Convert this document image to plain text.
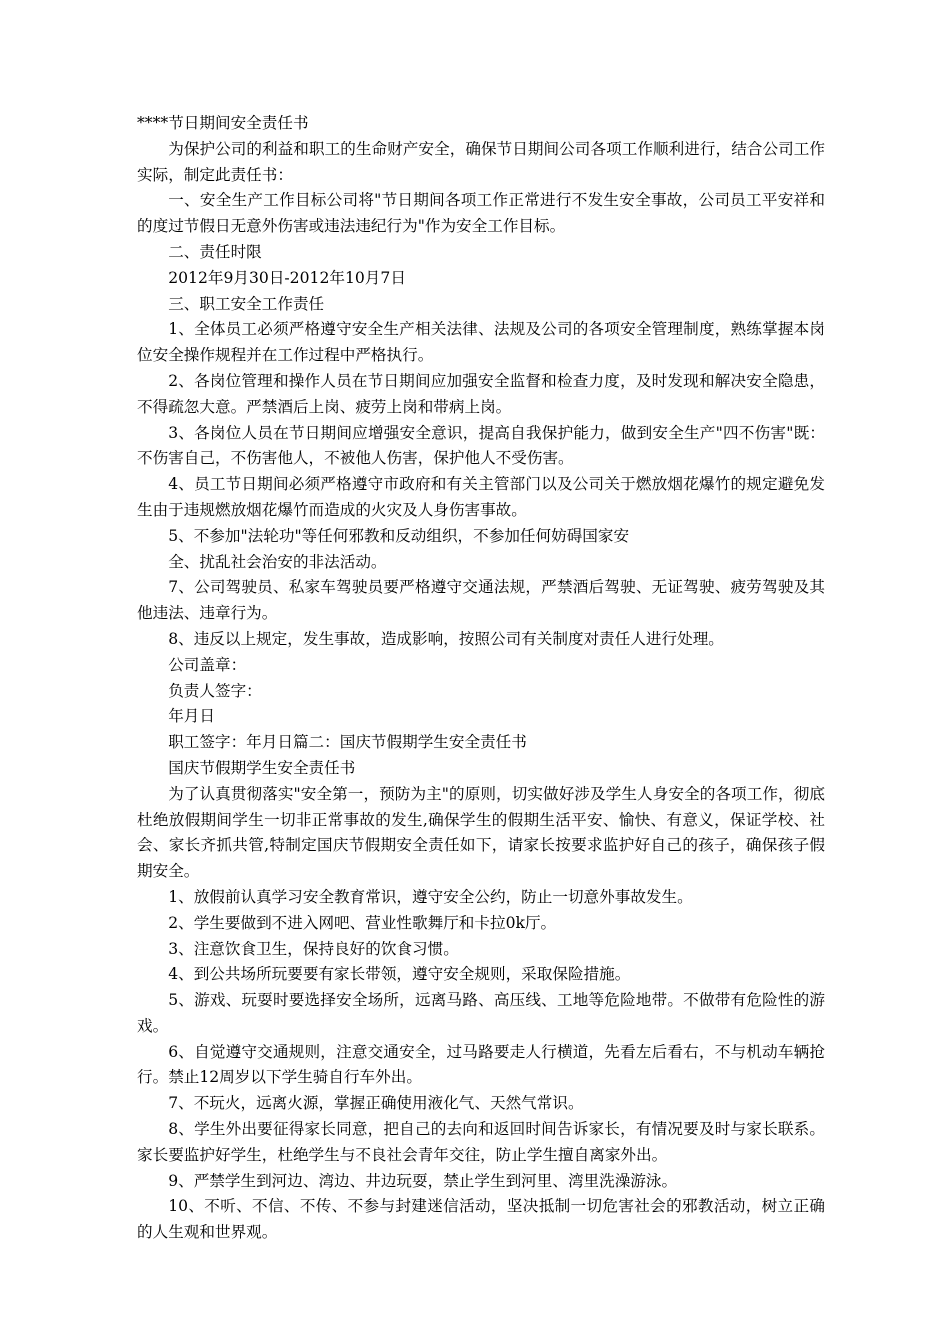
****节日期间安全责任书

为保护公司的利益和职工的生命财产安全，确保节日期间公司各项工作顺利进行，结合公司工作实际，制定此责任书：

一、安全生产工作目标公司将"节日期间各项工作正常进行不发生安全事故，公司员工平安祥和的度过节假日无意外伤害或违法违纪行为"作为安全工作目标。

二、责任时限

2012年9月30日-2012年10月7日

三、职工安全工作责任

1、全体员工必须严格遵守安全生产相关法律、法规及公司的各项安全管理制度，熟练掌握本岗位安全操作规程并在工作过程中严格执行。

2、各岗位管理和操作人员在节日期间应加强安全监督和检查力度，及时发现和解决安全隐患，不得疏忽大意。严禁酒后上岗、疲劳上岗和带病上岗。

3、各岗位人员在节日期间应增强安全意识，提高自我保护能力，做到安全生产"四不伤害"既：不伤害自己，不伤害他人，不被他人伤害，保护他人不受伤害。

4、员工节日期间必须严格遵守市政府和有关主管部门以及公司关于燃放烟花爆竹的规定避免发生由于违规燃放烟花爆竹而造成的火灾及人身伤害事故。

5、不参加"法轮功"等任何邪教和反动组织，不参加任何妨碍国家安

全、扰乱社会治安的非法活动。

7、公司驾驶员、私家车驾驶员要严格遵守交通法规，严禁酒后驾驶、无证驾驶、疲劳驾驶及其他违法、违章行为。

8、违反以上规定，发生事故，造成影响，按照公司有关制度对责任人进行处理。

公司盖章：

负责人签字：

年月日

职工签字：年月日篇二：国庆节假期学生安全责任书

国庆节假期学生安全责任书

为了认真贯彻落实"安全第一，预防为主"的原则，切实做好涉及学生人身安全的各项工作，彻底杜绝放假期间学生一切非正常事故的发生,确保学生的假期生活平安、愉快、有意义，保证学校、社会、家长齐抓共管,特制定国庆节假期安全责任如下，请家长按要求监护好自己的孩子，确保孩子假期安全。

1、放假前认真学习安全教育常识，遵守安全公约，防止一切意外事故发生。

2、学生要做到不进入网吧、营业性歌舞厅和卡拉0k厅。

3、注意饮食卫生，保持良好的饮食习惯。

4、到公共场所玩要要有家长带领，遵守安全规则，采取保险措施。

5、游戏、玩耍时要选择安全场所，远离马路、高压线、工地等危险地带。不做带有危险性的游戏。

6、自觉遵守交通规则，注意交通安全，过马路要走人行横道，先看左后看右，不与机动车辆抢行。禁止12周岁以下学生骑自行车外出。

7、不玩火，远离火源，掌握正确使用液化气、天然气常识。

8、学生外出要征得家长同意，把自己的去向和返回时间告诉家长，有情况要及时与家长联系。家长要监护好学生，杜绝学生与不良社会青年交往，防止学生擅自离家外出。

9、严禁学生到河边、湾边、井边玩耍，禁止学生到河里、湾里洗澡游泳。

10、不听、不信、不传、不参与封建迷信活动，坚决抵制一切危害社会的邪教活动，树立正确的人生观和世界观。
